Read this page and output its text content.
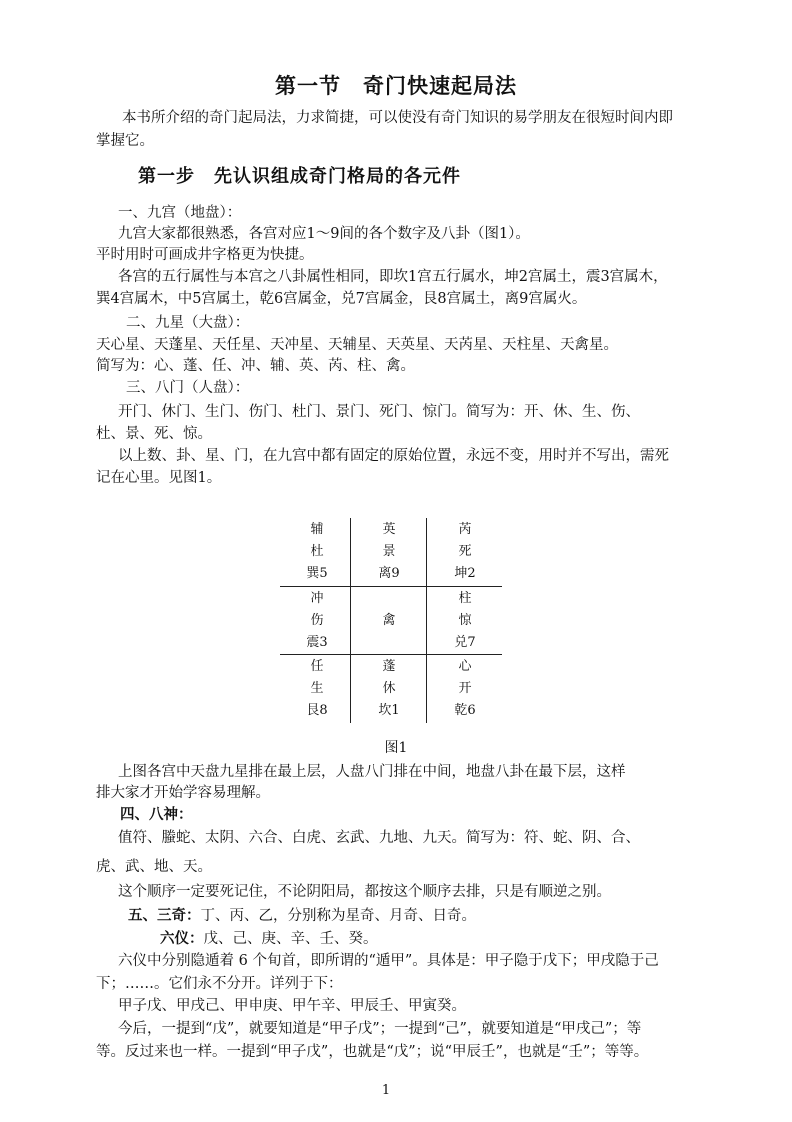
第一节　奇门快速起局法
本书所介绍的奇门起局法，力求简捷，可以使没有奇门知识的易学朋友在很短时间内即
掌握它。
第一步　先认识组成奇门格局的各元件
一、九宫（地盘）：
九宫大家都很熟悉，各宫对应1～9间的各个数字及八卦（图1）。
平时用时可画成井字格更为快捷。
各宫的五行属性与本宫之八卦属性相同，即坎1宫五行属水，坤2宫属土，震3宫属木，
巽4宫属木，中5宫属土，乾6宫属金，兑7宫属金，艮8宫属土，离9宫属火。
二、九星（大盘）：
天心星、天蓬星、天任星、天冲星、天辅星、天英星、天芮星、天柱星、天禽星。
简写为：心、蓬、任、冲、辅、英、芮、柱、禽。
三、八门（人盘）：
开门、休门、生门、伤门、杜门、景门、死门、惊门。简写为：开、休、生、伤、
杜、景、死、惊。
以上数、卦、星、门，在九宫中都有固定的原始位置，永远不变，用时并不写出，需死
记在心里。见图1。
辅
杜
巽5
英
景
离9
芮
死
坤2
冲
伤
震3
禽
柱
惊
兑7
任
生
艮8
蓬
休
坎1
心
开
乾6
图1
上图各宫中天盘九星排在最上层，人盘八门排在中间，地盘八卦在最下层，这样
排大家才开始学容易理解。
四、八神：
值符、螣蛇、太阴、六合、白虎、玄武、九地、九天。简写为：符、蛇、阴、合、
虎、武、地、天。
这个顺序一定要死记住，不论阴阳局，都按这个顺序去排，只是有顺逆之别。
五、三奇：丁、丙、乙，分别称为星奇、月奇、日奇。
六仪：戊、己、庚、辛、壬、癸。
六仪中分别隐遁着 6 个旬首，即所谓的“遁甲”。具体是：甲子隐于戊下；甲戌隐于己
下；……。它们永不分开。详列于下：
甲子戊、甲戌己、甲申庚、甲午辛、甲辰壬、甲寅癸。
今后，一提到“戊”，就要知道是“甲子戊”；一提到“己”，就要知道是“甲戌己”；等
等。反过来也一样。一提到“甲子戊”，也就是“戊”；说“甲辰壬”，也就是“壬”；等等。
1
